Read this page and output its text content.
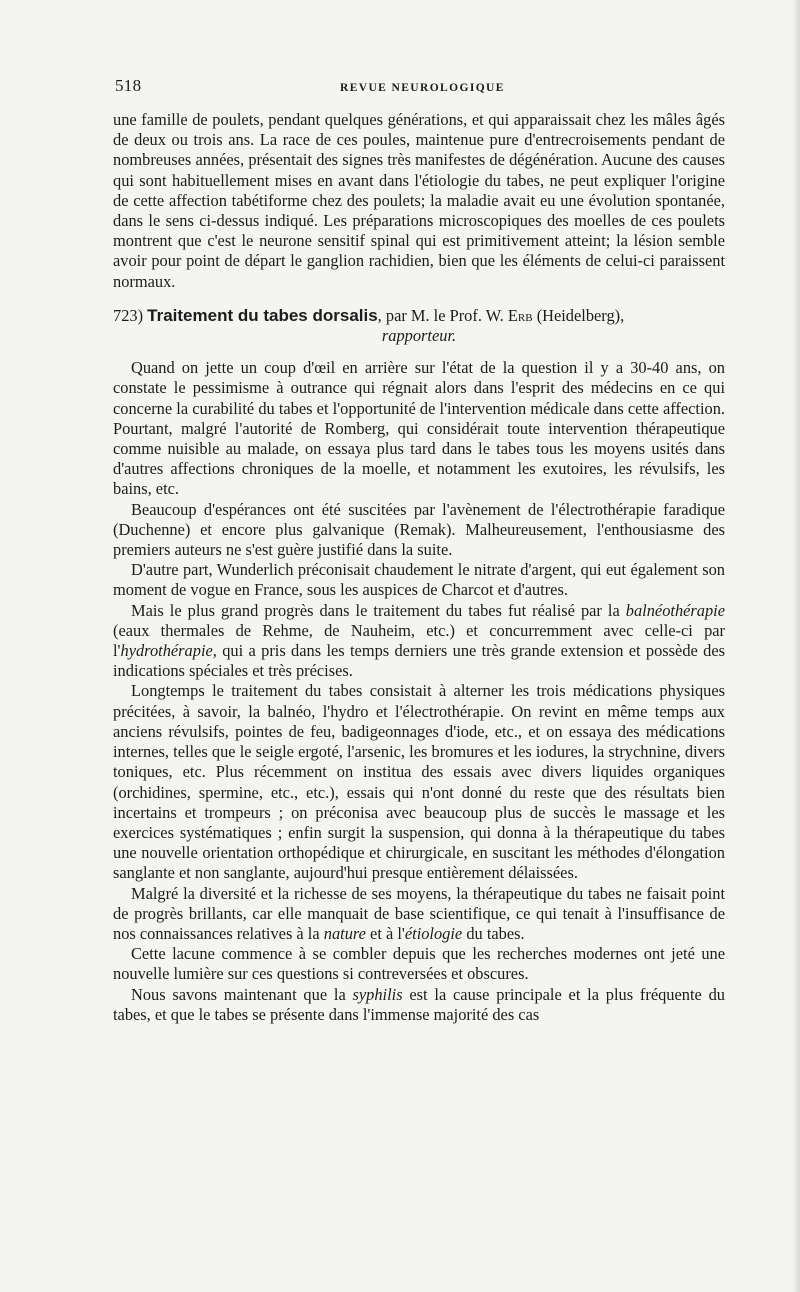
518	REVUE NEUROLOGIQUE

une famille de poulets, pendant quelques générations, et qui apparaissait chez les mâles âgés de deux ou trois ans. La race de ces poules, maintenue pure d'entrecroisements pendant de nombreuses années, présentait des signes très manifestes de dégénération. Aucune des causes qui sont habituellement mises en avant dans l'étiologie du tabes, ne peut expliquer l'origine de cette affection tabétiforme chez des poulets; la maladie avait eu une évolution spontanée, dans le sens ci-dessus indiqué. Les préparations microscopiques des moelles de ces poulets montrent que c'est le neurone sensitif spinal qui est primitivement atteint; la lésion semble avoir pour point de départ le ganglion rachidien, bien que les éléments de celui-ci paraissent normaux.

723) Traitement du tabes dorsalis, par M. le Prof. W. Erb (Heidelberg),

rapporteur.

Quand on jette un coup d'œil en arrière sur l'état de la question il y a 30-40 ans, on constate le pessimisme à outrance qui régnait alors dans l'esprit des médecins en ce qui concerne la curabilité du tabes et l'opportunité de l'intervention médicale dans cette affection. Pourtant, malgré l'autorité de Romberg, qui considérait toute intervention thérapeutique comme nuisible au malade, on essaya plus tard dans le tabes tous les moyens usités dans d'autres affections chroniques de la moelle, et notamment les exutoires, les révulsifs, les bains, etc.

Beaucoup d'espérances ont été suscitées par l'avènement de l'électrothérapie faradique (Duchenne) et encore plus galvanique (Remak). Malheureusement, l'enthousiasme des premiers auteurs ne s'est guère justifié dans la suite.

D'autre part, Wunderlich préconisait chaudement le nitrate d'argent, qui eut également son moment de vogue en France, sous les auspices de Charcot et d'autres.

Mais le plus grand progrès dans le traitement du tabes fut réalisé par la balnéothérapie (eaux thermales de Rehme, de Nauheim, etc.) et concurremment avec celle-ci par l'hydrothérapie, qui a pris dans les temps derniers une très grande extension et possède des indications spéciales et très précises.

Longtemps le traitement du tabes consistait à alterner les trois médications physiques précitées, à savoir, la balnéo, l'hydro et l'électrothérapie. On revint en même temps aux anciens révulsifs, pointes de feu, badigeonnages d'iode, etc., et on essaya des médications internes, telles que le seigle ergoté, l'arsenic, les bromures et les iodures, la strychnine, divers toniques, etc. Plus récemment on institua des essais avec divers liquides organiques (orchidines, spermine, etc., etc.), essais qui n'ont donné du reste que des résultats bien incertains et trompeurs ; on préconisa avec beaucoup plus de succès le massage et les exercices systématiques ; enfin surgit la suspension, qui donna à la thérapeutique du tabes une nouvelle orientation orthopédique et chirurgicale, en suscitant les méthodes d'élongation sanglante et non sanglante, aujourd'hui presque entièrement délaissées.

Malgré la diversité et la richesse de ses moyens, la thérapeutique du tabes ne faisait point de progrès brillants, car elle manquait de base scientifique, ce qui tenait à l'insuffisance de nos connaissances relatives à la nature et à l'étiologie du tabes.

Cette lacune commence à se combler depuis que les recherches modernes ont jeté une nouvelle lumière sur ces questions si contreversées et obscures.

Nous savons maintenant que la syphilis est la cause principale et la plus fréquente du tabes, et que le tabes se présente dans l'immense majorité des cas
